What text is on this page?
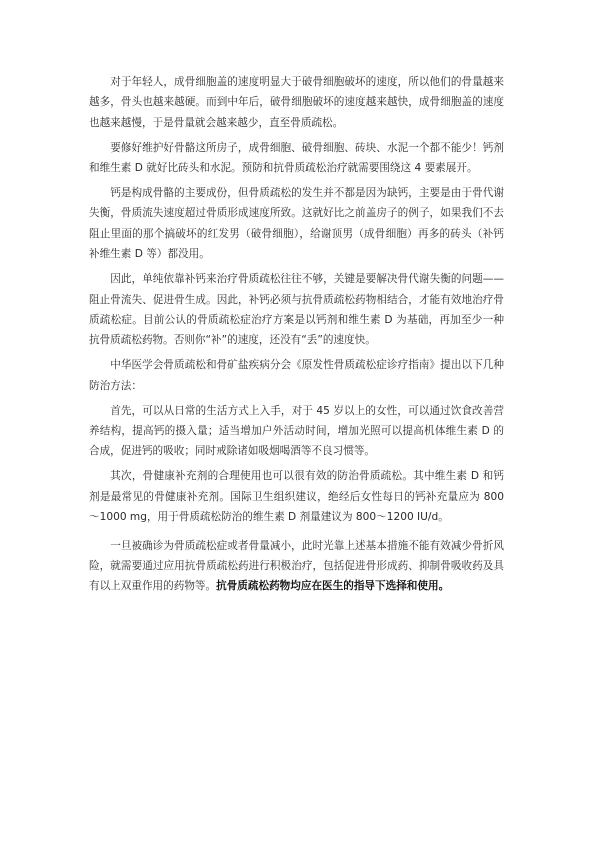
对于年轻人，成骨细胞盖的速度明显大于破骨细胞破坏的速度，所以他们的骨量越来越多，骨头也越来越硬。而到中年后，破骨细胞破坏的速度越来越快，成骨细胞盖的速度也越来越慢，于是骨量就会越来越少，直至骨质疏松。

要修好维护好骨骼这所房子，成骨细胞、破骨细胞、砖块、水泥一个都不能少！钙剂和维生素 D 就好比砖头和水泥。预防和抗骨质疏松治疗就需要围绕这 4 要素展开。

钙是构成骨骼的主要成份，但骨质疏松的发生并不都是因为缺钙，主要是由于骨代谢失衡，骨质流失速度超过骨质形成速度所致。这就好比之前盖房子的例子，如果我们不去阻止里面的那个搞破坏的红发男（破骨细胞），给谢顶男（成骨细胞）再多的砖头（补钙补维生素 D 等）都没用。

因此，单纯依靠补钙来治疗骨质疏松往往不够，关键是要解决骨代谢失衡的问题——阻止骨流失、促进骨生成。因此，补钙必须与抗骨质疏松药物相结合，才能有效地治疗骨质疏松症。目前公认的骨质疏松症治疗方案是以钙剂和维生素 D 为基础，再加至少一种抗骨质疏松药物。否则你“补”的速度，还没有“丢”的速度快。

中华医学会骨质疏松和骨矿盐疾病分会《原发性骨质疏松症诊疗指南》提出以下几种防治方法：

首先，可以从日常的生活方式上入手，对于 45 岁以上的女性，可以通过饮食改善营养结构，提高钙的摄入量；适当增加户外活动时间，增加光照可以提高机体维生素 D 的合成，促进钙的吸收；同时戒除诸如吸烟喝酒等不良习惯等。

其次，骨健康补充剂的合理使用也可以很有效的防治骨质疏松。其中维生素 D 和钙剂是最常见的骨健康补充剂。国际卫生组织建议，绝经后女性每日的钙补充量应为 800～1000 mg，用于骨质疏松防治的维生素 D 剂量建议为 800～1200 IU/d。

一旦被确诊为骨质疏松症或者骨量减小，此时光靠上述基本措施不能有效减少骨折风险，就需要通过应用抗骨质疏松药进行积极治疗，包括促进骨形成药、抑制骨吸收药及具有以上双重作用的药物等。抗骨质疏松药物均应在医生的指导下选择和使用。
